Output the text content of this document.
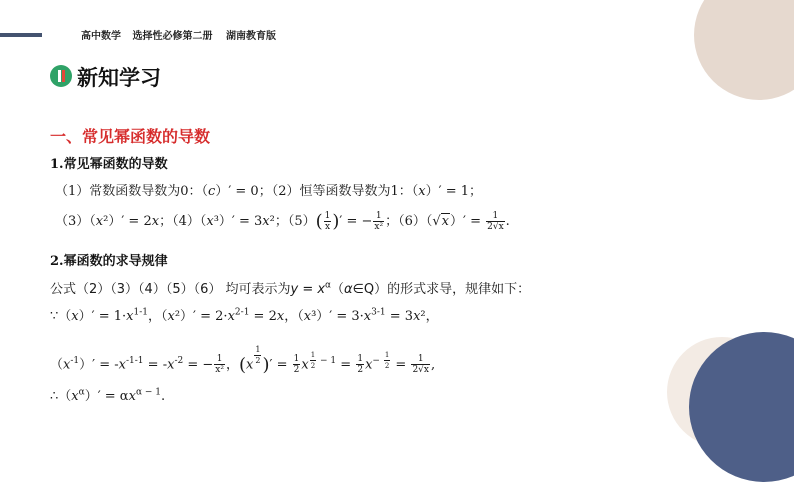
高中数学 选择性必修第二册 湖南教育版
新知学习
一、常见幂函数的导数
1.常见幂函数的导数
（1）常数函数导数为0：（c）′ = 0；（2）恒等函数导数为1：（x）′ = 1；
（3）（x²）′ = 2x；（4）（x³）′ = 3x²；$(5)( \frac{1}{x}$ )′ = − $\frac{1}{\text{x²}}$ ；$(6)(√x)' = \frac{1}{2√x}$ .
2.幂函数的求导规律
公式（2）（3）（4）（5）（6） 均可表示为$y = x^\alpha(\alpha\in Q)$的形式求导，规律如下：
∵（x）′ = $1\cdot x^{1-1}$，$(x^2)' = 2\cdot x^{2-1} = 2x$，$(x^3)' = 3\cdot x^{3-1} = 3x^2$，
$(x^{-1})' = -x^{-1-1} = -x^{-2}$ = − $\frac{1}{\text{x²}}$ ，($x \frac{1}{2}$ )′ = $\frac{1}{2}$ x $^{\frac{1}{2} - 1} = \frac{1}{2} x^{- \frac{1}{2}} = \frac{1}{2√x}$ ,
$\therefore(x^\alpha)' = \alpha x^{\alpha - 1}$.
